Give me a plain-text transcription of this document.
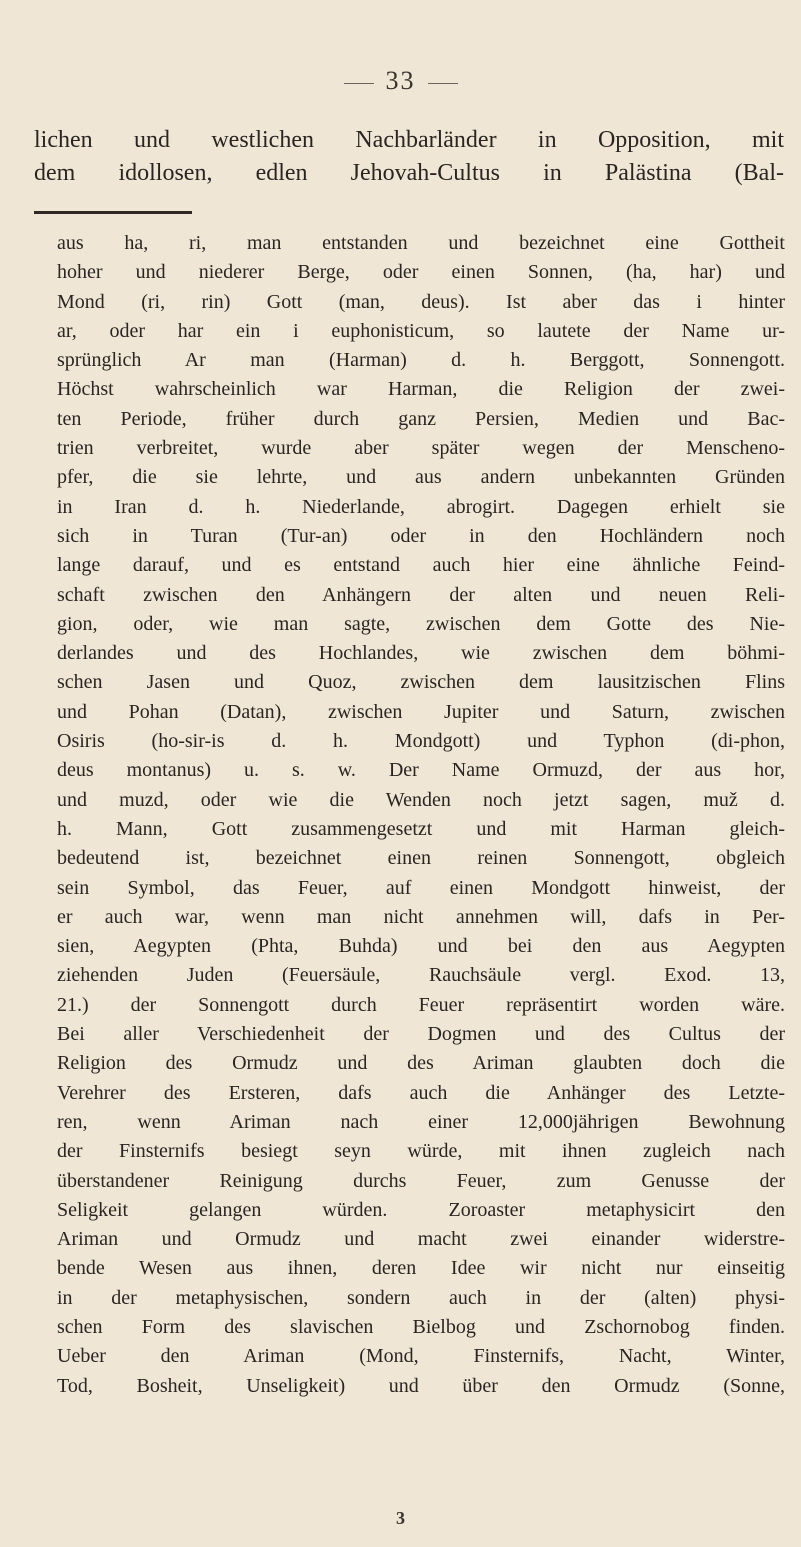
33
lichen und westlichen Nachbarländer in Opposition, mit
dem idollosen, edlen Jehovah-Cultus in Palästina (Bal-
aus ha, ri, man entstanden und bezeichnet eine Gottheit
hoher und niederer Berge, oder einen Sonnen, (ha, har) und
Mond (ri, rin) Gott (man, deus). Ist aber das i hinter
ar, oder har ein i euphonisticum, so lautete der Name ur-
sprünglich Ar man (Harman) d. h. Berggott, Sonnengott.
Höchst wahrscheinlich war Harman, die Religion der zwei-
ten Periode, früher durch ganz Persien, Medien und Bac-
trien verbreitet, wurde aber später wegen der Menscheno-
pfer, die sie lehrte, und aus andern unbekannten Gründen
in Iran d. h. Niederlande, abrogirt. Dagegen erhielt sie
sich in Turan (Tur-an) oder in den Hochländern noch
lange darauf, und es entstand auch hier eine ähnliche Feind-
schaft zwischen den Anhängern der alten und neuen Reli-
gion, oder, wie man sagte, zwischen dem Gotte des Nie-
derlandes und des Hochlandes, wie zwischen dem böhmi-
schen Jasen und Quoz, zwischen dem lausitzischen Flins
und Pohan (Datan), zwischen Jupiter und Saturn, zwischen
Osiris (ho-sir-is d. h. Mondgott) und Typhon (di-phon,
deus montanus) u. s. w. Der Name Ormuzd, der aus hor,
und muzd, oder wie die Wenden noch jetzt sagen, muž d.
h. Mann, Gott zusammengesetzt und mit Harman gleich-
bedeutend ist, bezeichnet einen reinen Sonnengott, obgleich
sein Symbol, das Feuer, auf einen Mondgott hinweist, der
er auch war, wenn man nicht annehmen will, dafs in Per-
sien, Aegypten (Phta, Buhda) und bei den aus Aegypten
ziehenden Juden (Feuersäule, Rauchsäule vergl. Exod. 13,
21.) der Sonnengott durch Feuer repräsentirt worden wäre.
Bei aller Verschiedenheit der Dogmen und des Cultus der
Religion des Ormudz und des Ariman glaubten doch die
Verehrer des Ersteren, dafs auch die Anhänger des Letzte-
ren, wenn Ariman nach einer 12,000jährigen Bewohnung
der Finsternifs besiegt seyn würde, mit ihnen zugleich nach
überstandener Reinigung durchs Feuer, zum Genusse der
Seligkeit gelangen würden. Zoroaster metaphysicirt den
Ariman und Ormudz und macht zwei einander widerstre-
bende Wesen aus ihnen, deren Idee wir nicht nur einseitig
in der metaphysischen, sondern auch in der (alten) physi-
schen Form des slavischen Bielbog und Zschornobog finden.
Ueber den Ariman (Mond, Finsternifs, Nacht, Winter,
Tod, Bosheit, Unseligkeit) und über den Ormudz (Sonne,
3
